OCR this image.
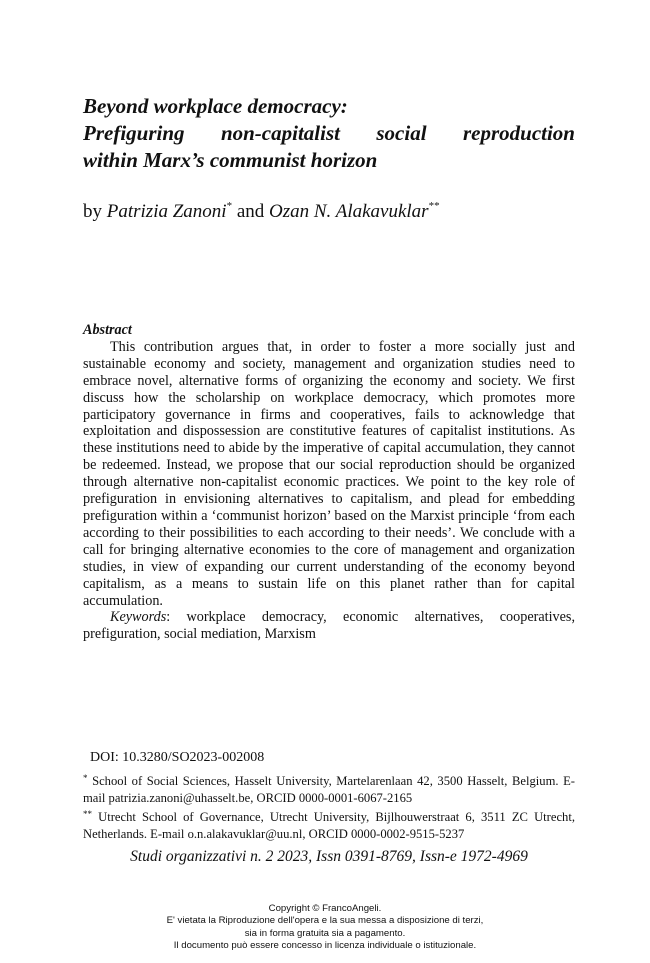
Beyond workplace democracy:
Prefiguring non-capitalist social reproduction
within Marx’s communist horizon
by Patrizia Zanoni* and Ozan N. Alakavuklar**
Abstract

This contribution argues that, in order to foster a more socially just and sustainable economy and society, management and organization studies need to embrace novel, alternative forms of organizing the economy and society. We first discuss how the scholarship on workplace democracy, which promotes more participatory governance in firms and cooperatives, fails to acknowledge that exploitation and dispossession are constitutive features of capitalist institutions. As these institutions need to abide by the imperative of capital accumulation, they cannot be redeemed. Instead, we propose that our social reproduction should be organized through alternative non-capitalist economic practices. We point to the key role of prefiguration in envisioning alternatives to capitalism, and plead for embedding prefiguration within a ‘communist horizon’ based on the Marxist principle ‘from each according to their possibilities to each according to their needs’. We conclude with a call for bringing alternative economies to the core of management and organization studies, in view of expanding our current understanding of the economy beyond capitalism, as a means to sustain life on this planet rather than for capital accumulation.

Keywords: workplace democracy, economic alternatives, cooperatives, prefiguration, social mediation, Marxism

DOI: 10.3280/SO2023-002008

* School of Social Sciences, Hasselt University, Martelarenlaan 42, 3500 Hasselt, Belgium. E-mail patrizia.zanoni@uhasselt.be, ORCID 0000-0001-6067-2165

** Utrecht School of Governance, Utrecht University, Bijlhouwerstraat 6, 3511 ZC Utrecht, Netherlands. E-mail o.n.alakavuklar@uu.nl, ORCID 0000-0002-9515-5237

Studi organizzativi n. 2 2023, Issn 0391-8769, Issn-e 1972-4969
Copyright © FrancoAngeli.
E' vietata la Riproduzione dell'opera e la sua messa a disposizione di terzi,
sia in forma gratuita sia a pagamento.
Il documento può essere concesso in licenza individuale o istituzionale.
